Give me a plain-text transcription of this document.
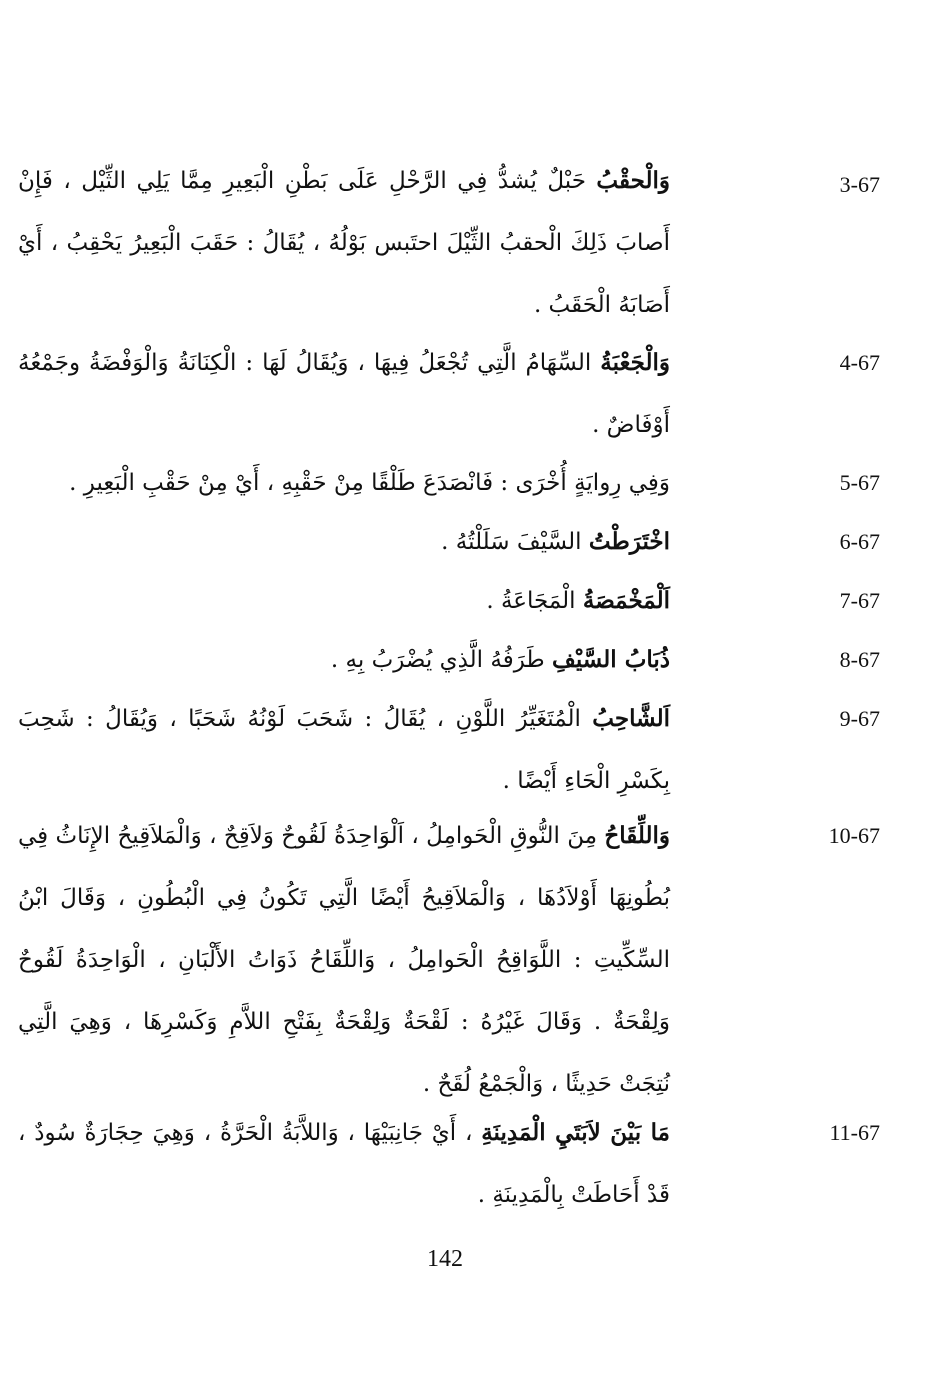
3-67
وَالْحقْبُ حَبْلٌ يُشدُّ فِي الرَّحْلِ عَلَى بَطْنِ الْبَعِيرِ مِمَّا يَلِي الثِّيْل ، فَإِنْ أَصابَ ذَلِكَ الْحقبُ الثِّيْلَ احتَبس بَوْلُهُ ، يُقَالُ : حَقَبَ الْبَعِيرُ يَحْقِبُ ، أَيْ أَصَابَهُ الْحَقَبُ .
4-67
وَالْجَعْبَةُ السِّهَامُ الَّتِي تُجْعَلُ فِيهَا ، وَيُقَالُ لَهَا : الْكِنَانَةُ وَالْوَفْضَةُ وجَمْعُهُ أَوْفَاضٌ .
5-67
وَفِي رِوايَةٍ أُخْرَى : فَانْصَدَعَ طَلْقًا مِنْ حَقْبِهِ ، أَيْ مِنْ حَقْبِ الْبَعِيرِ .
6-67
اخْتَرَطْتُ السَّيْفَ سَلَلْتُهُ .
7-67
اَلْمَخْمَصَةُ الْمَجَاعَةُ .
8-67
ذُبَابُ السَّيْفِ طَرَفُهُ الَّذِي يُضْرَبُ بِهِ .
9-67
اَلشَّاحِبُ الْمُتَغَيِّرُ اللَّوْنِ ، يُقَالُ : شَحَبَ لَوْنُهُ شَحَبًا ، وَيُقَالُ : شَحِبَ بِكَسْرِ الْحَاءِ أَيْضًا .
10-67
وَاللِّقَاحُ مِنَ النُّوقِ الْحَوامِلُ ، اَلْوَاحِدَةُ لَقُوحٌ وَلاَقِحٌ ، وَالْمَلاَقِيحُ الإِنَاثُ فِي بُطُونِهَا أَوْلاَدُهَا ، وَالْمَلاَقِيحُ أَيْضًا الَّتِي تَكُونُ فِي الْبُطُونِ ، وَقَالَ ابْنُ السِّكِّيتِ : اللَّوَاقِحُ الْحَوامِلُ ، وَاللِّقَاحُ ذَوَاتُ الأَلْبَانِ ، الْوَاحِدَةُ لَقُوحٌ وَلِقْحَةٌ . وَقَالَ غَيْرُهُ : لَقْحَةٌ وَلِقْحَةٌ بِفَتْحِ اللاَّمِ وَكَسْرِهَا ، وَهِيَ الَّتِي نُتِجَتْ حَدِيثًا ، وَالْجَمْعُ لُقَحٌ .
11-67
مَا بَيْنَ لاَبَتَيِ الْمَدِينَةِ ، أَيْ جَانِبَيْهَا ، وَاللاَّبَةُ الْحَرَّةُ ، وَهِيَ حِجَارَةٌ سُودٌ ، قَدْ أَحَاطَتْ بِالْمَدِينَةِ .
142
